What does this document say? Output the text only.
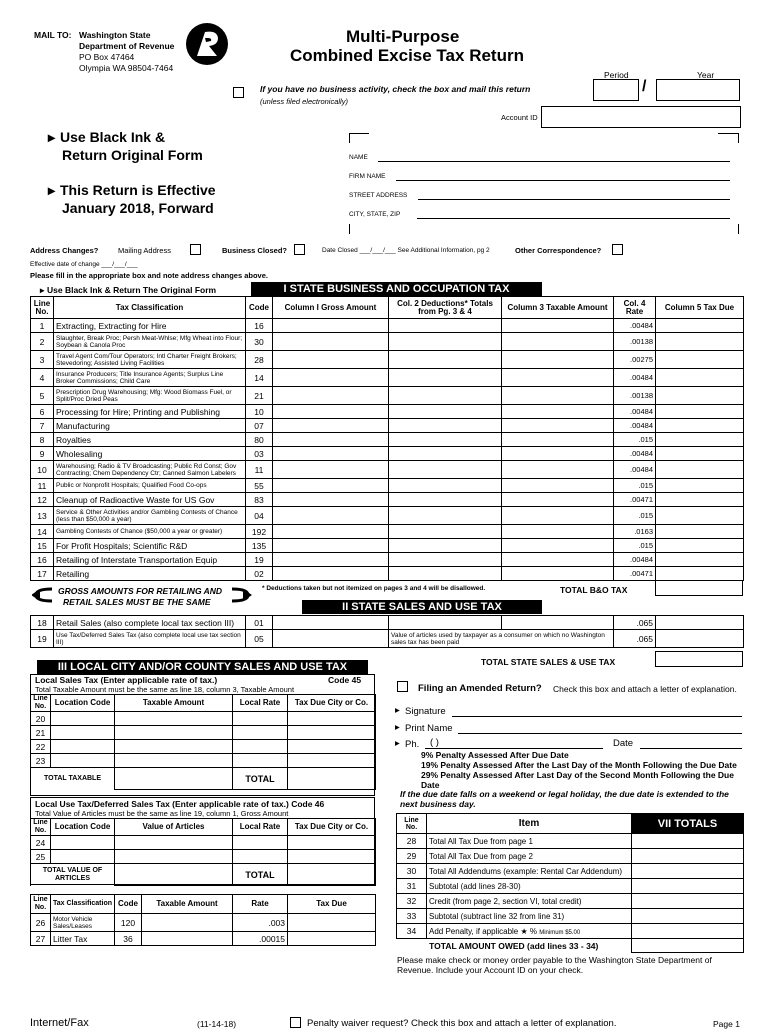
MAIL TO: Washington State
Department of Revenue
PO Box 47464
Olympia WA 98504-7464
Multi-Purpose
Combined Excise Tax Return
Period	Year
/
If you have no business activity, check the box and mail this return
(unless filed electronically)
Account ID
▸ Use Black Ink &
Return Original Form
▸ This Return is Effective
January 2018, Forward
NAME
FIRM NAME
STREET ADDRESS
CITY, STATE, ZIP
Address Changes?	Mailing Address	Business Closed?	Date Closed ___/___/___ See Additional Information, pg 2	Other Correspondence?
Effective date of change ___/___/___
Please fill in the appropriate box and note address changes above.
▸ Use Black Ink & Return The Original Form	I STATE BUSINESS AND OCCUPATION TAX
Line No.	Tax Classification	Code	Column I Gross Amount	Col. 2 Deductions* Totals from Pg. 3 & 4	Column 3 Taxable Amount	Col. 4 Rate	Column 5 Tax Due
1	Extracting, Extracting for Hire	16				.00484	
2	Slaughter, Break Proc; Persh Meat-Whlse; Mfg Wheat into Flour; Soybean & Canola Proc	30				.00138	
3	Travel Agent Com/Tour Operators; Intl Charter Freight Brokers; Stevedoring; Assisted Living Facilities	28				.00275	
4	Insurance Producers; Title Insurance Agents; Surplus Line Broker Commissions; Child Care	14				.00484	
5	Prescription Drug Warehousing; Mfg: Wood Biomass Fuel, or Split/Proc Dried Peas	21				.00138	
6	Processing for Hire; Printing and Publishing	10				.00484	
7	Manufacturing	07				.00484	
8	Royalties	80				.015	
9	Wholesaling	03				.00484	
10	Warehousing; Radio & TV Broadcasting; Public Rd Const; Gov Contracting; Chem Dependency Ctr; Canned Salmon Labelers	11				.00484	
11	Public or Nonprofit Hospitals; Qualified Food Co-ops	55				.015	
12	Cleanup of Radioactive Waste for US Gov	83				.00471	
13	Service & Other Activities and/or Gambling Contests of Chance (less than $50,000 a year)	04				.015	
14	Gambling Contests of Chance ($50,000 a year or greater)	192				.0163	
15	For Profit Hospitals; Scientific R&D	135				.015	
16	Retailing of Interstate Transportation Equip	19				.00484	
17	Retailing	02				.00471	
GROSS AMOUNTS FOR RETAILING AND
RETAIL SALES MUST BE THE SAME
* Deductions taken but not itemized on pages 3 and 4 will be disallowed.	TOTAL B&O TAX
II STATE SALES AND USE TAX
18	Retail Sales (also complete local tax section III)	01				.065	
19	Use Tax/Deferred Sales Tax (also complete local use tax section III)	05		Value of articles used by taxpayer as a consumer on which no Washington sales tax has been paid		.065	
TOTAL STATE SALES & USE TAX
III LOCAL CITY AND/OR COUNTY SALES AND USE TAX
Local Sales Tax (Enter applicable rate of tax.)	Code 45
Total Taxable Amount must be the same as line 18, column 3, Taxable Amount
Line No.	Location Code	Taxable Amount	Local Rate	Tax Due City or Co.
20				
21				
22				
23				
TOTAL TAXABLE			TOTAL	
Local Use Tax/Deferred Sales Tax (Enter applicable rate of tax.) Code 46
Total Value of Articles must be the same as line 19, column 1, Gross Amount
Line No.	Location Code	Value of Articles	Local Rate	Tax Due City or Co.
24				
25				
TOTAL VALUE OF ARTICLES			TOTAL	
Line No.	Tax Classification	Code	Taxable Amount	Rate	Tax Due
26	Motor Vehicle Sales/Leases	120		.003	
27	Litter Tax	36		.00015	
Filing an Amended Return? Check this box and attach a letter of explanation.
▸ Signature
▸ Print Name
▸ Ph. ( )	Date
9% Penalty Assessed After Due Date
19% Penalty Assessed After the Last Day of the Month Following the Due Date
29% Penalty Assessed After Last Day of the Second Month Following the Due Date
If the due date falls on a weekend or legal holiday, the due date is extended to the next business day.
Line No.	Item	VII TOTALS
28	Total All Tax Due from page 1	
29	Total All Tax Due from page 2	
30	Total All Addendums (example: Rental Car Addendum)	
31	Subtotal (add lines 28-30)	
32	Credit (from page 2, section VI, total credit)	
33	Subtotal (subtract line 32 from line 31)	
34	Add Penalty, if applicable ★ % Minimum $5.00	
TOTAL AMOUNT OWED (add lines 33 - 34)		
Please make check or money order payable to the Washington State Department of Revenue. Include your Account ID on your check.
Internet/Fax	(11-14-18)	Penalty waiver request? Check this box and attach a letter of explanation.	Page 1
